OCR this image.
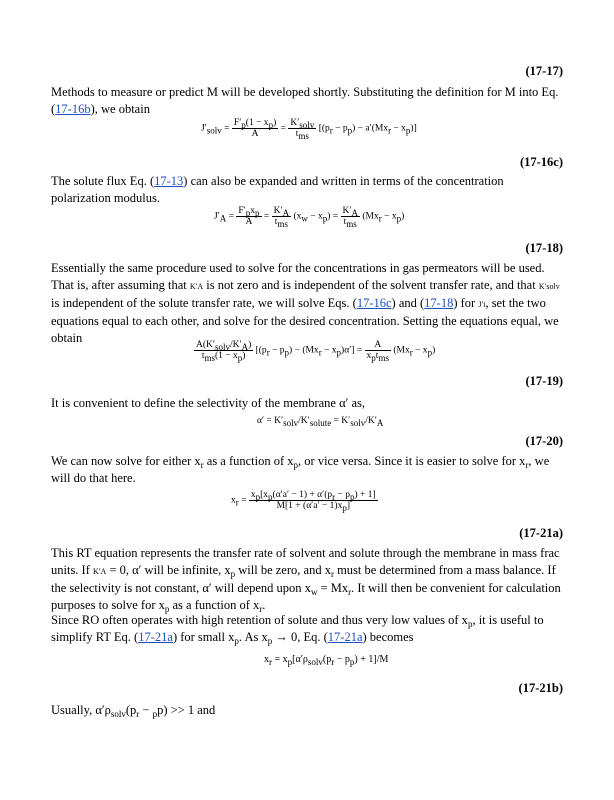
(17-17)
Methods to measure or predict M will be developed shortly. Substituting the definition for M into Eq. (17-16b), we obtain
$J'_{solv} = \frac{F'_p(1 - x_p)}{A} = \frac{K'_{solv}}{t_{ms}} [(p_r - p_p) - a'(Mx_r - x_p)]$
(17-16c)
The solute flux Eq. (17-13) can also be expanded and written in terms of the concentration polarization modulus.
$J'_A = \frac{F'_px_p}{A} = \frac{K'_A}{t_{ms}} (x_w - x_p) = \frac{K'_A}{t_{ms}} (Mx_r - x_p)$
(17-18)
Essentially the same procedure used to solve for the concentrations in gas permeators will be used. That is, after assuming that K′A is not zero and is independent of the solvent transfer rate, and that K′solv is independent of the solute transfer rate, we will solve Eqs. (17-16c) and (17-18) for J′i, set the two equations equal to each other, and solve for the desired concentration. Setting the equations equal, we obtain
$\frac{A(K'_{solv}/K'_A)}{t_{ms}(1 - x_p)} [(p_r - p_p) - (Mx_r - x_p)\alpha'] = \frac{A}{x_pt_{ms}} (Mx_r - x_p)$
(17-19)
It is convenient to define the selectivity of the membrane α′ as,
$\alpha' = K'_{solv}/K'_{solute} = K'_{solv}/K'_A$
(17-20)
We can now solve for either $x_r$ as a function of $x_p$, or vice versa. Since it is easier to solve for $x_r$, we will do that here.
$x_r = \frac{x_p[x_p(\alpha'a' - 1) + \alpha'(p_r - p_p) + 1]}{M[1 + (\alpha'a' - 1)x_p]}$
(17-21a)
This RT equation represents the transfer rate of solvent and solute through the membrane in mass frac units. If K′A = 0, α′ will be infinite, $x_p$ will be zero, and $x_r$ must be determined from a mass balance. If the selectivity is not constant, α′ will depend upon $x_w = Mx_r$. It will then be convenient for calculation purposes to solve for $x_p$ as a function of $x_r$.
Since RO often operates with high retention of solute and thus very low values of $x_p$, it is useful to simplify RT Eq. (17-21a) for small $x_p$. As $x_p \to 0$, Eq. (17-21a) becomes
$x_r = x_p[\alpha'\rho_{solv}(p_r - p_p) + 1]/M$
(17-21b)
Usually, $\alpha'\rho_{solv}(p_r - _pp) >> 1$ and
